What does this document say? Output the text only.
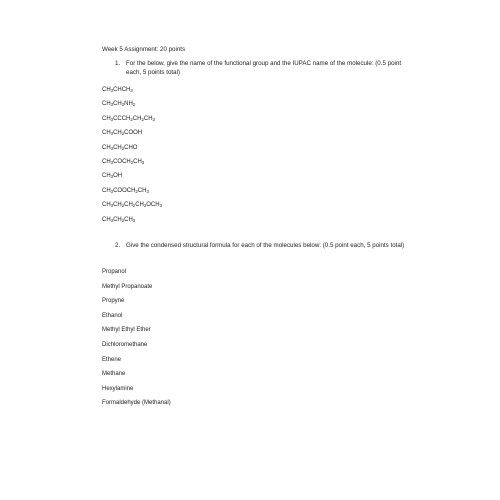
Week 5 Assignment: 20 points
1. For the below, give the name of the functional group and the IUPAC name of the molecule: (0.5 point each, 5 points total)
$CH_3CHCH_3$
$CH_3CH_2NH_2$
$CH_3CCCH_2CH_2CH_3$
$CH_3CH_2COOH$
$CH_3CH_2CHO$
$CH_3COCH_2CH_3$
$CH_3OH$
$CH_3COOCH_2CH_3$
$CH_3CH_2CH_2CH_2OCH_3$
$CH_3CH_2CH_3$
2. Give the condensed structural formula for each of the molecules below: (0.5 point each, 5 points total)
Propanol
Methyl Propanoate
Propyne
Ethanol
Methyl Ethyl Ether
Dichloromethane
Ethene
Methane
Hexylamine
Formaldehyde (Methanal)
